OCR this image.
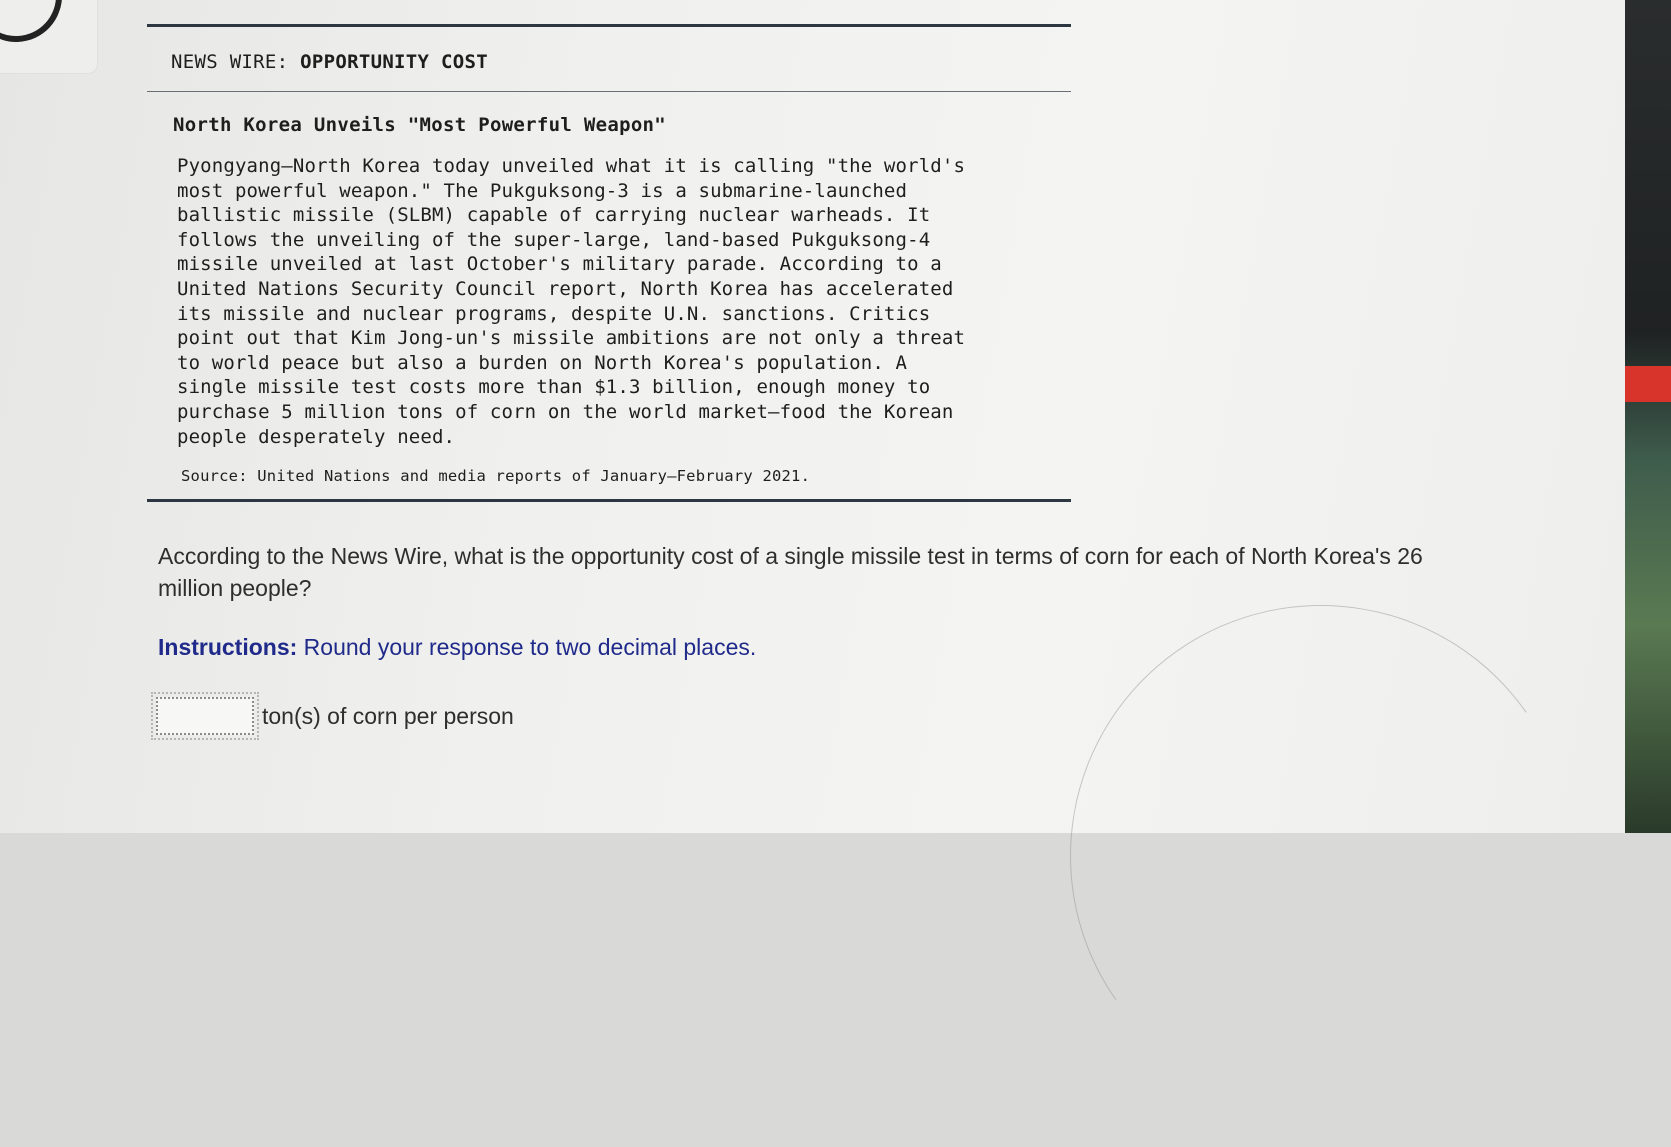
NEWS WIRE: OPPORTUNITY COST
North Korea Unveils "Most Powerful Weapon"
Pyongyang—North Korea today unveiled what it is calling "the world's
most powerful weapon." The Pukguksong-3 is a submarine-launched
ballistic missile (SLBM) capable of carrying nuclear warheads. It
follows the unveiling of the super-large, land-based Pukguksong-4
missile unveiled at last October's military parade. According to a
United Nations Security Council report, North Korea has accelerated
its missile and nuclear programs, despite U.N. sanctions. Critics
point out that Kim Jong-un's missile ambitions are not only a threat
to world peace but also a burden on North Korea's population. A
single missile test costs more than $1.3 billion, enough money to
purchase 5 million tons of corn on the world market—food the Korean
people desperately need.
Source: United Nations and media reports of January–February 2021.
According to the News Wire, what is the opportunity cost of a single missile test in terms of corn for each of North Korea's 26 million people?
Instructions: Round your response to two decimal places.
ton(s) of corn per person
